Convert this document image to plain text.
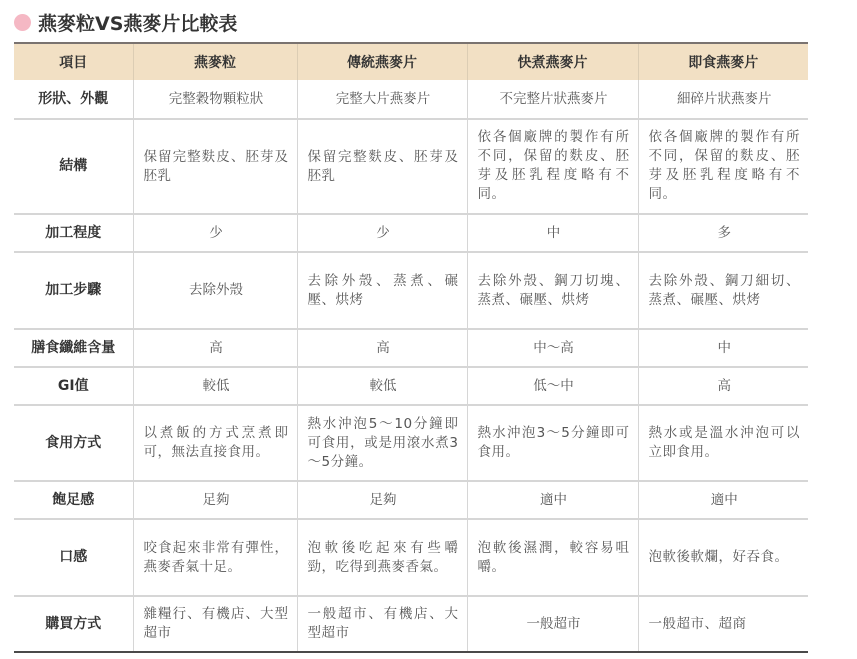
燕麥粒VS燕麥片比較表
項目	燕麥粒	傳統燕麥片	快煮燕麥片	即食燕麥片
形狀、外觀	完整穀物顆粒狀	完整大片燕麥片	不完整片狀燕麥片	細碎片狀燕麥片
結構	保留完整麩皮、胚芽及胚乳	保留完整麩皮、胚芽及胚乳	依各個廠牌的製作有所不同，保留的麩皮、胚芽及胚乳程度略有不同。	依各個廠牌的製作有所不同，保留的麩皮、胚芽及胚乳程度略有不同。
加工程度	少	少	中	多
加工步驟	去除外殼	去除外殼、蒸煮、碾壓、烘烤	去除外殼、鋼刀切塊、蒸煮、碾壓、烘烤	去除外殼、鋼刀細切、蒸煮、碾壓、烘烤
膳食纖維含量	高	高	中～高	中
GI值	較低	較低	低～中	高
食用方式	以煮飯的方式烹煮即可，無法直接食用。	熱水沖泡5～10分鐘即可食用，或是用滾水煮3～5分鐘。	熱水沖泡3～5分鐘即可食用。	熱水或是溫水沖泡可以立即食用。
飽足感	足夠	足夠	適中	適中
口感	咬食起來非常有彈性，燕麥香氣十足。	泡軟後吃起來有些嚼勁，吃得到燕麥香氣。	泡軟後濕潤，較容易咀嚼。	泡軟後軟爛，好吞食。
購買方式	雜糧行、有機店、大型超市	一般超市、有機店、大型超市	一般超市	一般超市、超商
